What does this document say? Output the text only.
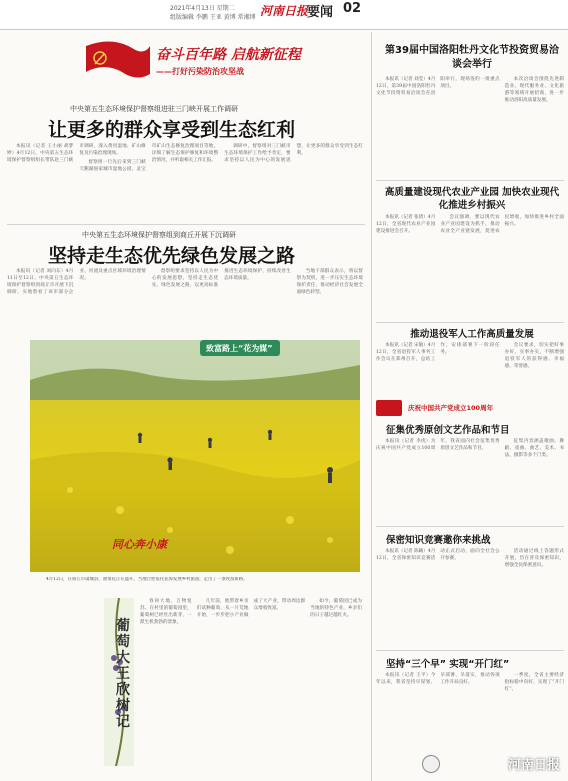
2021年4月13日 星期二
组版编辑 李鹏 王亚 黄博 常湘博 河南日报
要闻 02
奋斗百年路 启航新征程
——打好污染防治攻坚战
中央第五生态环境保护督察组进驻三门峡开展工作调研
让更多的群众享受到生态红利

本报讯（记者 王小丽 胡梦婷）4月12日，中央第五生态环境保护督察组组长带队赴三门峡市调研，深入黄河湿地、矿山修复及污染治理现场。

督察组一行先后来到三门峡天鹅湖国家城市湿地公园、灵宝市矿山生态修复治理项目等地，详细了解生态保护修复和环境整治情况，并听取相关工作汇报。

调研中，督察组对三门峡市生态环境保护工作给予肯定，要求坚持以人民为中心的发展思想，让更多的群众享受到生态红利。

中央第五生态环境保护督察组到商丘开展下沉调研
坚持走生态优先绿色发展之路

本报讯（记者 刘向东）4月11日至12日，中央第五生态环境保护督察组到商丘市开展下沉调研，实地察看了该市部分企业、河流及重点区域环境治理情况。

督察组要求坚持以人民为中心的发展思想，坚持走生态优先、绿色发展之路，以更高标准推进生态环境保护，持续改善生态环境质量。

当地干部群众表示，将以督察为契机，进一步压实生态环境保护责任，推动经济社会发展全面绿色转型。

致富路上“花为媒”
同心奔小康
4月12日，在商丘市虞城县，油菜花正在盛开，当地百姓依托花海发展乡村旅游，走出了一条致富新路。
葡萄大王欣树记

春回大地，万物复苏。在村里的葡萄园里，葡萄树已经吐出新芽，一派生机勃勃的景象。

几年前，他带着乡亲们试种葡萄，从一片荒地开始，一步步把小产业做成了大产业，带动周边群众增收致富。

如今，葡萄园已成为当地的特色产业，乡亲们的日子越过越红火。

第39届中国洛阳牡丹文化节投资贸易洽谈会举行

本报讯（记者 刘莹）4月12日，第39届中国洛阳牡丹文化节投资贸易洽谈会在洛阳举行，现场签约一批重点项目。

本次洽谈会围绕先进制造业、现代服务业、文化旅游等领域开展招商，进一步推动洛阳高质量发展。

高质量建设现代农业产业园 加快农业现代化推进乡村振兴

本报讯（记者 张倩）4月12日，全省现代农业产业园建设推进会召开。

会议强调，要以现代农业产业园建设为抓手，推动农业全产业链发展，促进农民增收，加快推进乡村全面振兴。

推动退役军人工作高质量发展

本报讯（记者 宋敏）4月12日，全省退役军人事务工作会议在郑州召开，总结工作，安排部署下一阶段任务。

会议要求，切实把好事办好、实事办实，不断增强退役军人的获得感、幸福感、荣誉感。

庆祝中国共产党成立100周年
征集优秀原创文艺作品和节目

本报讯（记者 李虎）为庆祝中国共产党成立100周年，我省面向社会征集优秀原创文艺作品和节目。

征集内容涵盖歌曲、舞蹈、戏曲、曲艺、美术、书法、摄影等多个门类。

保密知识竞赛邀你来挑战

本报讯（记者 陈曦）4月12日，全省保密知识竞赛活动正式启动，面向全社会公开参赛。

活动通过线上答题形式开展，旨在普及保密知识，增强全民保密意识。

坚持“三个早” 实现“开门红”

本报讯（记者 王平）今年以来，我省坚持早谋划、早部署、早落实，推动各项工作开局良好。

一季度，全省主要经济指标稳中向好，实现了“开门红”。

河南日报
